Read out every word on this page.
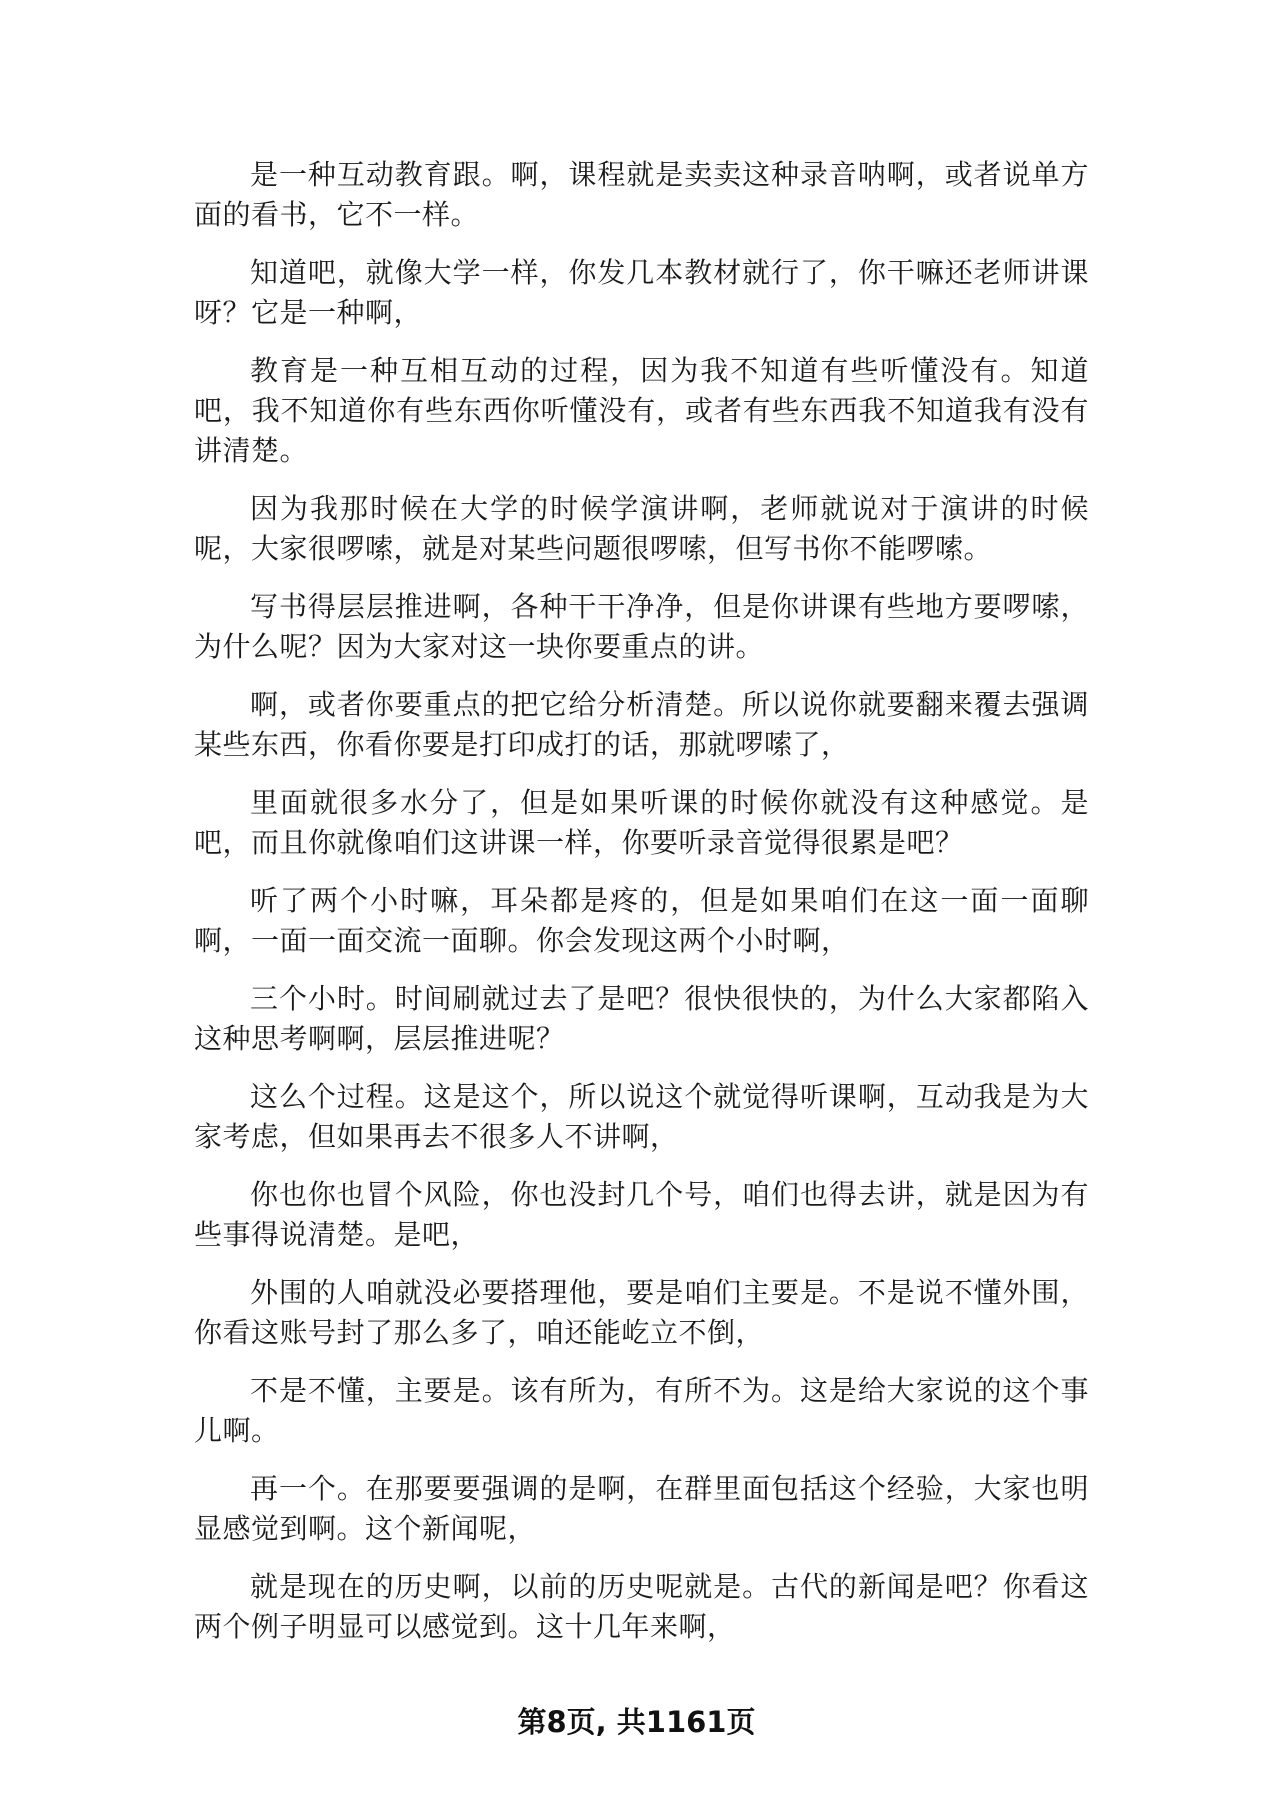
是一种互动教育跟。啊，课程就是卖卖这种录音呐啊，或者说单方面的看书，它不一样。

知道吧，就像大学一样，你发几本教材就行了，你干嘛还老师讲课呀？它是一种啊，

教育是一种互相互动的过程，因为我不知道有些听懂没有。知道吧，我不知道你有些东西你听懂没有，或者有些东西我不知道我有没有讲清楚。

因为我那时候在大学的时候学演讲啊，老师就说对于演讲的时候呢，大家很啰嗦，就是对某些问题很啰嗦，但写书你不能啰嗦。

写书得层层推进啊，各种干干净净，但是你讲课有些地方要啰嗦，为什么呢？因为大家对这一块你要重点的讲。

啊，或者你要重点的把它给分析清楚。所以说你就要翻来覆去强调某些东西，你看你要是打印成打的话，那就啰嗦了，

里面就很多水分了，但是如果听课的时候你就没有这种感觉。是吧，而且你就像咱们这讲课一样，你要听录音觉得很累是吧？

听了两个小时嘛，耳朵都是疼的，但是如果咱们在这一面一面聊啊，一面一面交流一面聊。你会发现这两个小时啊，

三个小时。时间刷就过去了是吧？很快很快的，为什么大家都陷入这种思考啊啊，层层推进呢？

这么个过程。这是这个，所以说这个就觉得听课啊，互动我是为大家考虑，但如果再去不很多人不讲啊，

你也你也冒个风险，你也没封几个号，咱们也得去讲，就是因为有些事得说清楚。是吧，

外围的人咱就没必要搭理他，要是咱们主要是。不是说不懂外围，你看这账号封了那么多了，咱还能屹立不倒，

不是不懂，主要是。该有所为，有所不为。这是给大家说的这个事儿啊。

再一个。在那要要强调的是啊，在群里面包括这个经验，大家也明显感觉到啊。这个新闻呢，

就是现在的历史啊，以前的历史呢就是。古代的新闻是吧？你看这两个例子明显可以感觉到。这十几年来啊，

第8页, 共1161页
